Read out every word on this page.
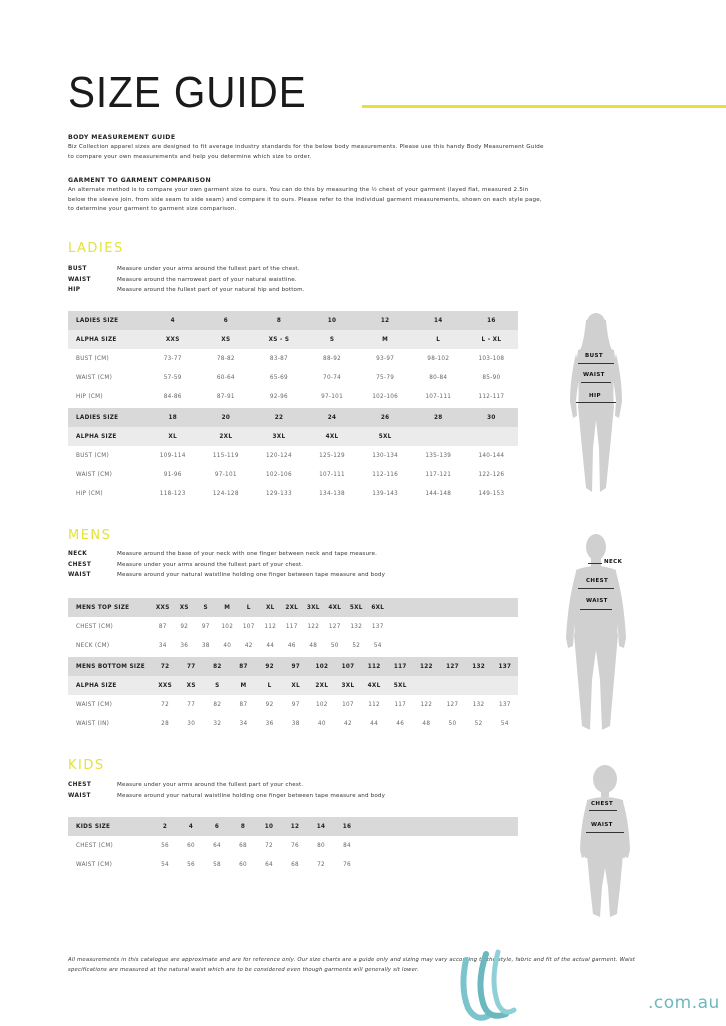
SIZE GUIDE
BODY MEASUREMENT GUIDE

Biz Collection apparel sizes are designed to fit average industry standards for the below body measurements. Please use this handy Body Measurement Guide to compare your own measurements and help you determine which size to order.

GARMENT TO GARMENT COMPARISON

An alternate method is to compare your own garment size to ours. You can do this by measuring the ½ chest of your garment (layed flat, measured 2.5in below the sleeve join, from side seam to side seam) and compare it to ours. Please refer to the individual garment measurements, shown on each style page, to determine your garment to garment size comparison.

LADIES
BUST	Measure under your arms around the fullest part of the chest.
WAIST	Measure around the narrowest part of your natural waistline.
HIP	Measure around the fullest part of your natural hip and bottom.
LADIES SIZE	4	6	8	10	12	14	16
ALPHA SIZE	XXS	XS	XS - S	S	M	L	L - XL
BUST (CM)	73-77	78-82	83-87	88-92	93-97	98-102	103-108
WAIST (CM)	57-59	60-64	65-69	70-74	75-79	80-84	85-90
HIP (CM)	84-86	87-91	92-96	97-101	102-106	107-111	112-117
LADIES SIZE	18	20	22	24	26	28	30
ALPHA SIZE	XL	2XL	3XL	4XL	5XL		
BUST (CM)	109-114	115-119	120-124	125-129	130-134	135-139	140-144
WAIST (CM)	91-96	97-101	102-106	107-111	112-116	117-121	122-126
HIP (CM)	118-123	124-128	129-133	134-138	139-143	144-148	149-153
BUST
WAIST
HIP
MENS
NECK	Measure around the base of your neck with one finger between neck and tape measure.
CHEST	Measure under your arms around the fullest part of your chest.
WAIST	Measure around your natural waistline holding one finger between tape measure and body
MENS TOP SIZE	XXS	XS	S	M	L	XL	2XL	3XL	4XL	5XL	6XL	
CHEST (CM)	87	92	97	102	107	112	117	122	127	132	137	
NECK (CM)	34	36	38	40	42	44	46	48	50	52	54	
MENS BOTTOM SIZE	72	77	82	87	92	97	102	107	112	117	122	127	132	137
ALPHA SIZE	XXS	XS	S	M	L	XL	2XL	3XL	4XL	5XL				
WAIST (CM)	72	77	82	87	92	97	102	107	112	117	122	127	132	137
WAIST (IN)	28	30	32	34	36	38	40	42	44	46	48	50	52	54
NECK
CHEST
WAIST
KIDS
CHEST	Measure under your arms around the fullest part of your chest.
WAIST	Measure around your natural waistline holding one finger between tape measure and body
KIDS SIZE	2	4	6	8	10	12	14	16	
CHEST (CM)	56	60	64	68	72	76	80	84	
WAIST (CM)	54	56	58	60	64	68	72	76	
CHEST
WAIST
All measurements in this catalogue are approximate and are for reference only. Our size charts are a guide only and sizing may vary according to the style, fabric and fit of the actual garment. Waist specifications are measured at the natural waist which are to be considered even though garments will generally sit lower.
.com.au
